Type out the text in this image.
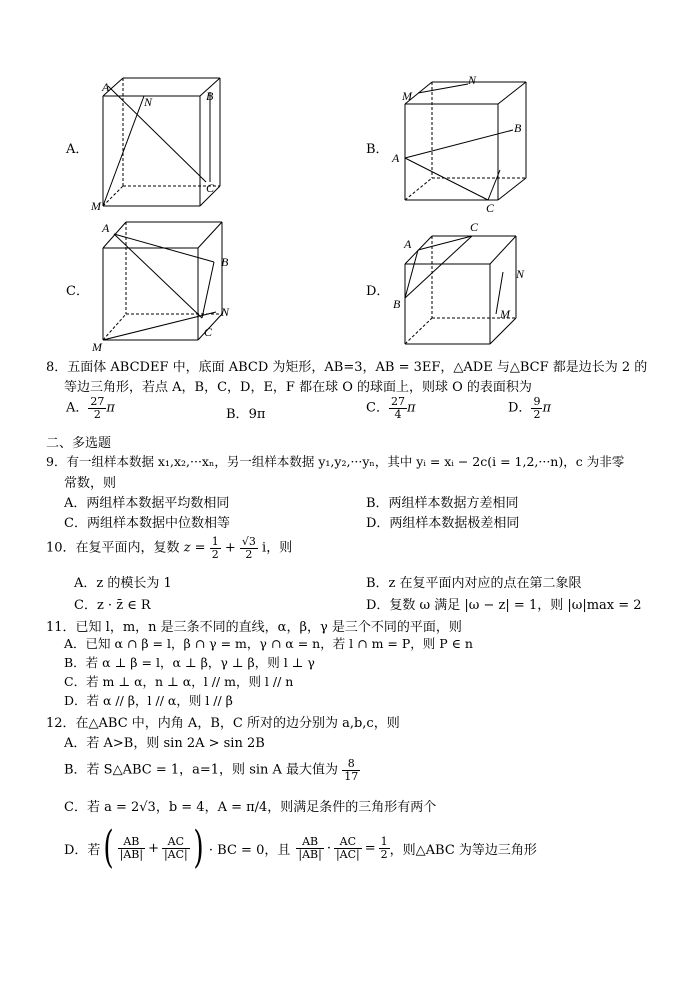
A．
A
N	B
C
M
B．
M
N
B
A
C
C．
A
B
N
C
M
D．
A
C
B
N
M
8．五面体 ABCDEF 中，底面 ABCD 为矩形，AB=3，AB = 3EF，△ADE 与△BCF 都是边长为 2 的
等边三角形，若点 A，B，C，D，E，F 都在球 O 的球面上，则球 O 的表面积为
A． $\frac{27}{2}$ π	B．9π	C． $\frac{27}{4}$ π	D． $\frac{9}{2}$ π
二、多选题
9．有一组样本数据 x₁,x₂,···xₙ，另一组样本数据 y₁,y₂,···yₙ，其中 yᵢ = xᵢ − 2c(i = 1,2,···n)，c 为非零
常数，则
A．两组样本数据平均数相同	B．两组样本数据方差相同
C．两组样本数据中位数相等	D．两组样本数据极差相同
10．在复平面内，复数 $z = \frac{1}{2} + \frac{√3}{2}$ i，则
A．z 的模长为 1	B．z 在复平面内对应的点在第二象限
C．z · z̄ ∈ R	D．复数 ω 满足 |ω − z| = 1，则 |ω|max = 2
11．已知 l，m，n 是三条不同的直线，α，β，γ 是三个不同的平面，则
A．已知 α ∩ β = l，β ∩ γ = m，γ ∩ α = n，若 l ∩ m = P，则 P ∈ n
B．若 α ⊥ β = l，α ⊥ β，γ ⊥ β，则 l ⊥ γ
C．若 m ⊥ α，n ⊥ α，l // m，则 l // n
D．若 α // β，l // α，则 l // β
12．在△ABC 中，内角 A，B，C 所对的边分别为 a,b,c，则
A．若 A>B，则 sin 2A > sin 2B
B．若 S△ABC = 1，a=1，则 sin A 最大值为 $\frac{8}{17}$
C．若 a = 2√3，b = 4，A = π/4，则满足条件的三角形有两个
D．若 ( $\frac{AB}{|AB|} + \frac{AC}{|AC|}$ ) · BC = 0，且 $\frac{AB}{|AB|} \cdot \frac{AC}{|AC|} = \frac{1}{2}$ ，则△ABC 为等边三角形
